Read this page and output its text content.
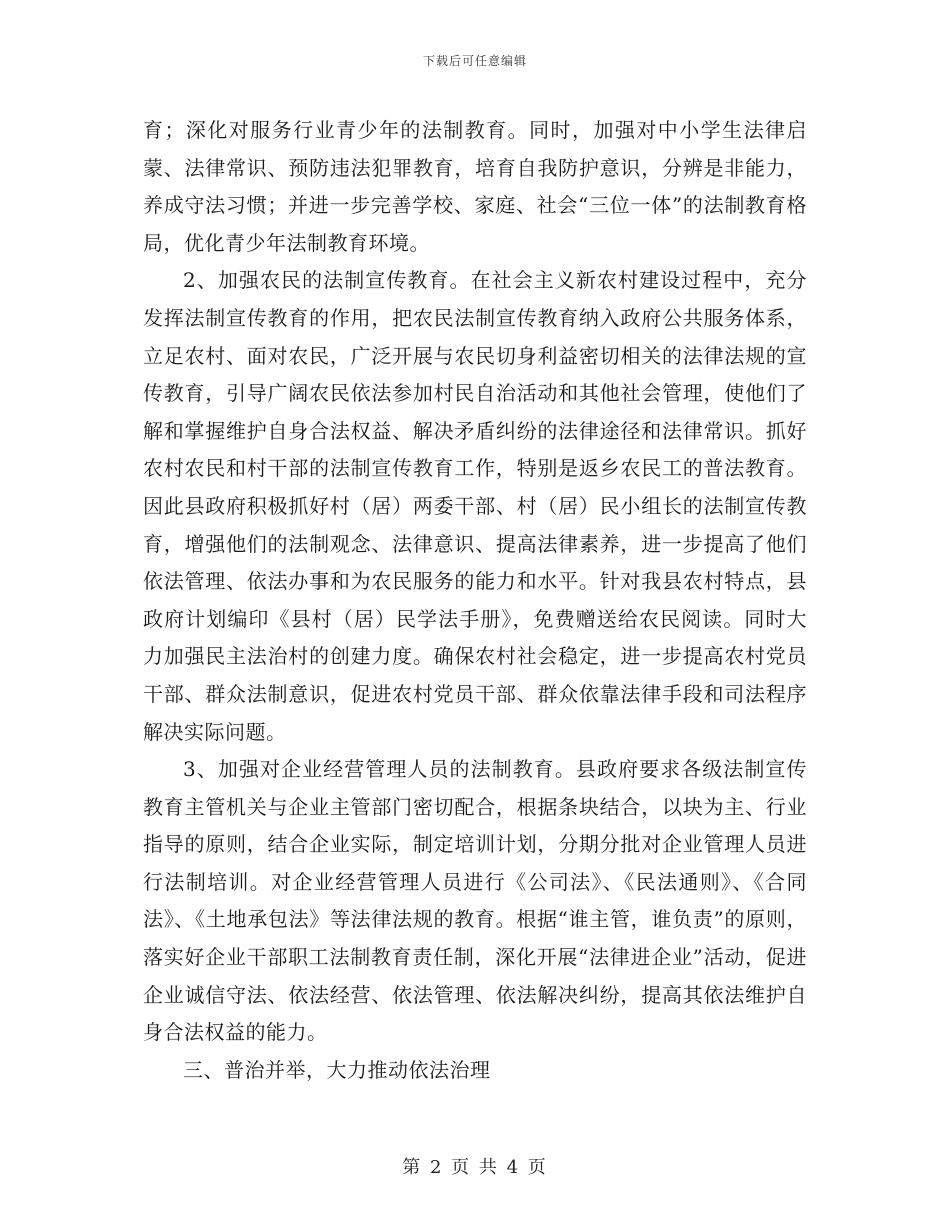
下载后可任意编辑

育；深化对服务行业青少年的法制教育。同时，加强对中小学生法律启蒙、法律常识、预防违法犯罪教育，培育自我防护意识，分辨是非能力，养成守法习惯；并进一步完善学校、家庭、社会“三位一体”的法制教育格局，优化青少年法制教育环境。

2、加强农民的法制宣传教育。在社会主义新农村建设过程中，充分发挥法制宣传教育的作用，把农民法制宣传教育纳入政府公共服务体系，立足农村、面对农民，广泛开展与农民切身利益密切相关的法律法规的宣传教育，引导广阔农民依法参加村民自治活动和其他社会管理，使他们了解和掌握维护自身合法权益、解决矛盾纠纷的法律途径和法律常识。抓好农村农民和村干部的法制宣传教育工作，特别是返乡农民工的普法教育。因此县政府积极抓好村（居）两委干部、村（居）民小组长的法制宣传教育，增强他们的法制观念、法律意识、提高法律素养，进一步提高了他们依法管理、依法办事和为农民服务的能力和水平。针对我县农村特点，县政府计划编印《县村（居）民学法手册》，免费赠送给农民阅读。同时大力加强民主法治村的创建力度。确保农村社会稳定，进一步提高农村党员干部、群众法制意识，促进农村党员干部、群众依靠法律手段和司法程序解决实际问题。

3、加强对企业经营管理人员的法制教育。县政府要求各级法制宣传教育主管机关与企业主管部门密切配合，根据条块结合，以块为主、行业指导的原则，结合企业实际，制定培训计划，分期分批对企业管理人员进行法制培训。对企业经营管理人员进行《公司法》、《民法通则》、《合同法》、《土地承包法》等法律法规的教育。根据“谁主管，谁负责”的原则，落实好企业干部职工法制教育责任制，深化开展“法律进企业”活动，促进企业诚信守法、依法经营、依法管理、依法解决纠纷，提高其依法维护自身合法权益的能力。

三、普治并举，大力推动依法治理

第 2 页 共 4 页
